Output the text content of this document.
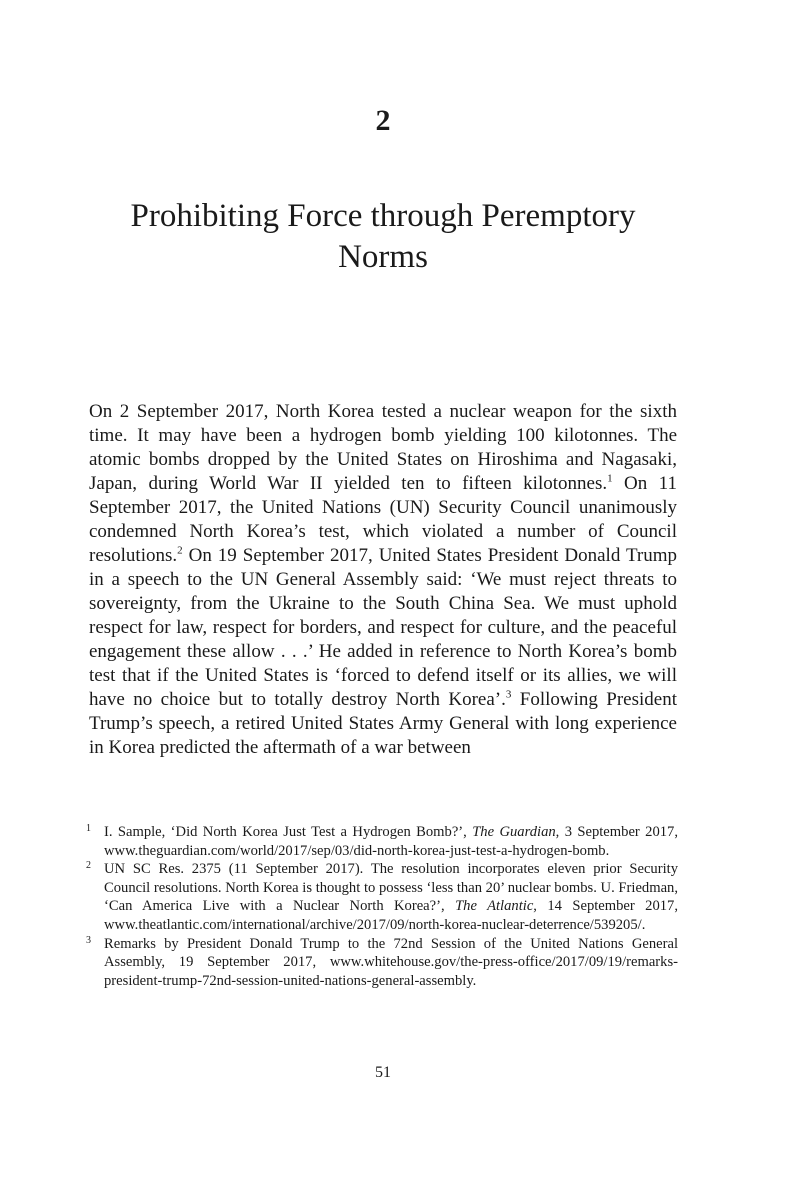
2
Prohibiting Force through Peremptory Norms

On 2 September 2017, North Korea tested a nuclear weapon for the sixth time. It may have been a hydrogen bomb yielding 100 kilotonnes. The atomic bombs dropped by the United States on Hiroshima and Nagasaki, Japan, during World War II yielded ten to fifteen kilotonnes.$^1$ On 11 September 2017, the United Nations (UN) Security Council unanimously condemned North Korea’s test, which violated a number of Council resolutions.$^2$ On 19 September 2017, United States President Donald Trump in a speech to the UN General Assembly said: ‘We must reject threats to sovereignty, from the Ukraine to the South China Sea. We must uphold respect for law, respect for borders, and respect for culture, and the peaceful engagement these allow . . .’ He added in reference to North Korea’s bomb test that if the United States is ‘forced to defend itself or its allies, we will have no choice but to totally destroy North Korea’.$^3$ Following President Trump’s speech, a retired United States Army General with long experience in Korea predicted the aftermath of a war between

1 I. Sample, ‘Did North Korea Just Test a Hydrogen Bomb?’, The Guardian, 3 September 2017, www.theguardian.com/world/2017/sep/03/did-north-korea-just-test-a-hydrogen-bomb.
2 UN SC Res. 2375 (11 September 2017). The resolution incorporates eleven prior Security Council resolutions. North Korea is thought to possess ‘less than 20’ nuclear bombs. U. Friedman, ‘Can America Live with a Nuclear North Korea?’, The Atlantic, 14 September 2017, www.theatlantic.com/international/archive/2017/09/north-korea-nuclear-deterrence/539205/.
3 Remarks by President Donald Trump to the 72nd Session of the United Nations General Assembly, 19 September 2017, www.whitehouse.gov/the-press-office/2017/09/19/remarks-president-trump-72nd-session-united-nations-general-assembly.
51
